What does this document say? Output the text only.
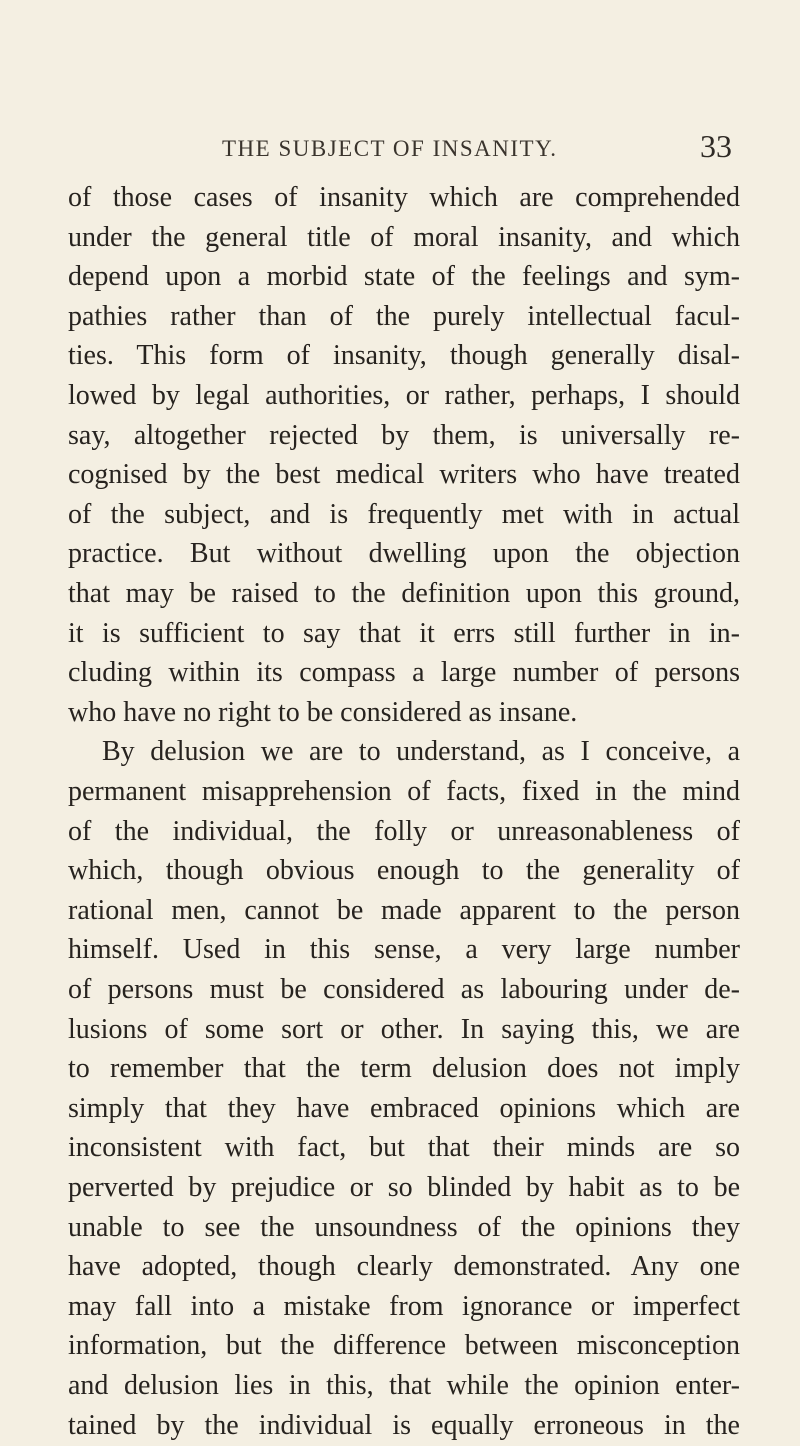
THE SUBJECT OF INSANITY.	33
of those cases of insanity which are comprehended
under the general title of moral insanity, and which
depend upon a morbid state of the feelings and sym-
pathies rather than of the purely intellectual facul-
ties. This form of insanity, though generally disal-
lowed by legal authorities, or rather, perhaps, I should
say, altogether rejected by them, is universally re-
cognised by the best medical writers who have treated
of the subject, and is frequently met with in actual
practice. But without dwelling upon the objection
that may be raised to the definition upon this ground,
it is sufficient to say that it errs still further in in-
cluding within its compass a large number of persons
who have no right to be considered as insane.
By delusion we are to understand, as I conceive, a
permanent misapprehension of facts, fixed in the mind
of the individual, the folly or unreasonableness of
which, though obvious enough to the generality of
rational men, cannot be made apparent to the person
himself. Used in this sense, a very large number
of persons must be considered as labouring under de-
lusions of some sort or other. In saying this, we are
to remember that the term delusion does not imply
simply that they have embraced opinions which are
inconsistent with fact, but that their minds are so
perverted by prejudice or so blinded by habit as to be
unable to see the unsoundness of the opinions they
have adopted, though clearly demonstrated. Any one
may fall into a mistake from ignorance or imperfect
information, but the difference between misconception
and delusion lies in this, that while the opinion enter-
tained by the individual is equally erroneous in the
